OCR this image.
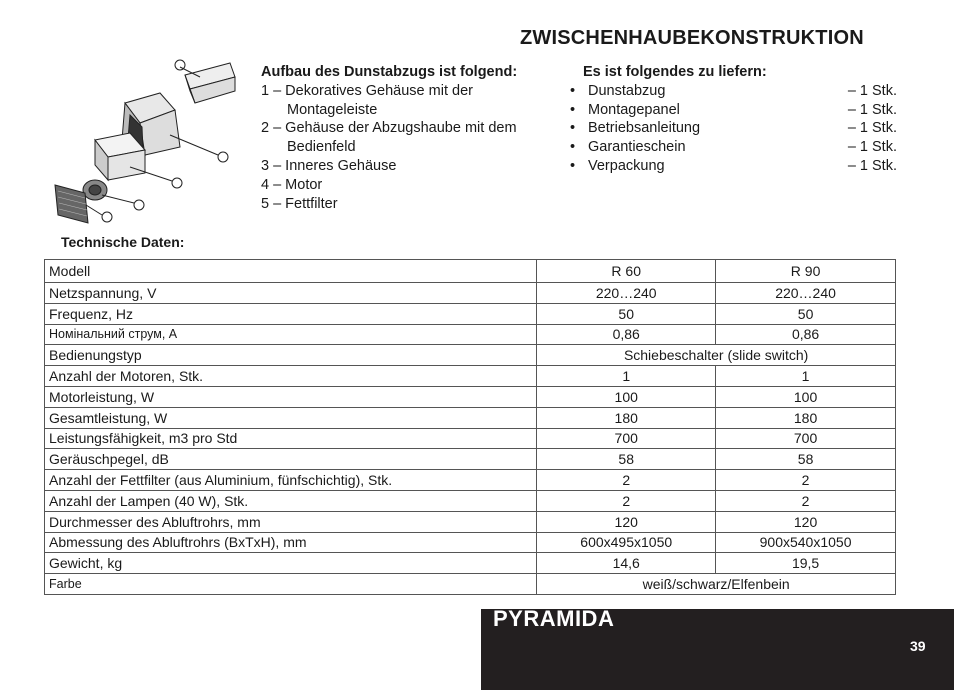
ZWISCHENHAUBEKONSTRUKTION
Aufbau des Dunstabzugs ist folgend:
1 – Dekoratives Gehäuse mit der Montageleiste
2 – Gehäuse der Abzugshaube mit dem Bedienfeld
3 – Inneres Gehäuse
4 – Motor
5 – Fettfilter
Es ist folgendes zu liefern:
• Dunstabzug	– 1 Stk.
• Montagepanel	– 1 Stk.
• Betriebsanleitung	– 1 Stk.
• Garantieschein	– 1 Stk.
• Verpackung	– 1 Stk.
Technische Daten:
Modell	R 60	R 90
Netzspannung, V	220…240	220…240
Frequenz, Hz	50	50
Номінальний струм, А	0,86	0,86
Bedienungstyp	Schiebeschalter (slide switch)	
Anzahl der Motoren, Stk.	1	1
Motorleistung, W	100	100
Gesamtleistung, W	180	180
Leistungsfähigkeit, m3 pro Std	700	700
Geräuschpegel, dB	58	58
Anzahl der Fettfilter (aus Aluminium, fünfschichtig), Stk.	2	2
Anzahl der Lampen (40 W), Stk.	2	2
Durchmesser des Abluftrohrs, mm	120	120
Abmessung des Abluftrohrs (BxTxH), mm	600x495x1050	900x540x1050
Gewicht, kg	14,6	19,5
Farbe	weiß/schwarz/Elfenbein	
PYRAMIDA
39
